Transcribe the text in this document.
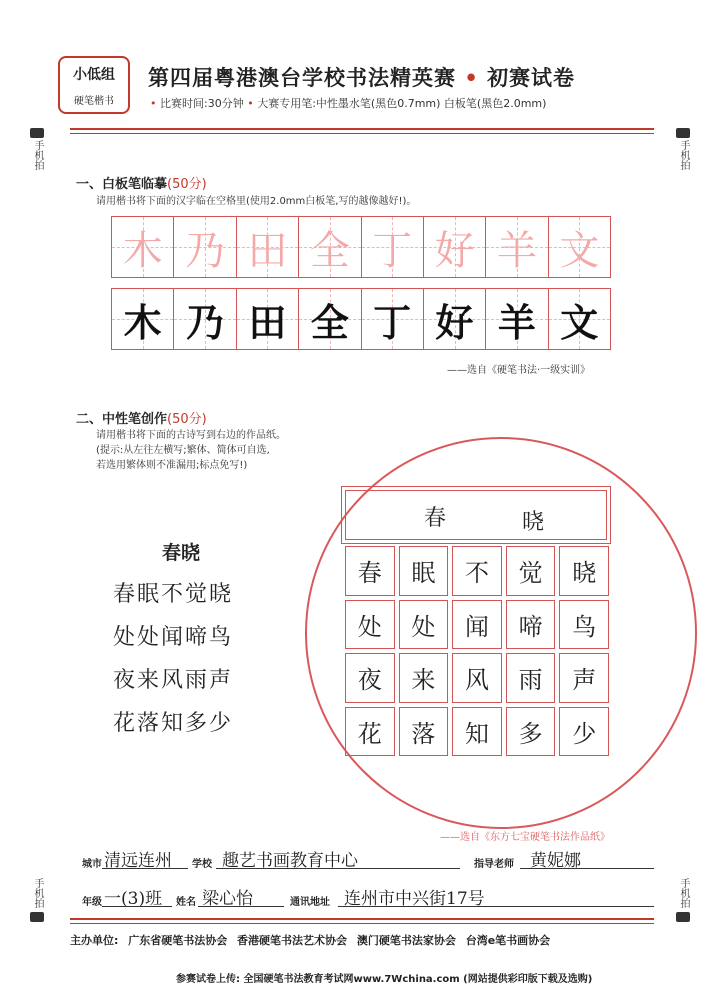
小低组
硬笔楷书
第四届粤港澳台学校书法精英赛 • 初赛试卷
• 比赛时间:30分钟 • 大赛专用笔:中性墨水笔(黑色0.7mm) 白板笔(黑色2.0mm)
手机拍	手机拍
手机拍	手机拍
一、白板笔临摹(50分)
请用楷书将下面的汉字临在空格里(使用2.0mm白板笔,写的越像越好!)。
木 乃 田 全 丁 好 羊 文
木 乃 田 全 丁 好 羊 文
——选自《硬笔书法·一级实训》
二、中性笔创作(50分)
请用楷书将下面的古诗写到右边的作品纸。
(提示:从左往左横写;繁体、简体可自选,
若选用繁体则不准漏用;标点免写!)
春晓
春眠不觉晓
处处闻啼鸟
夜来风雨声
花落知多少
春	晓
春	眠	不	觉	晓
处	处	闻	啼	鸟
夜	来	风	雨	声
花	落	知	多	少
——选自《东方七宝硬笔书法作品纸》
城市 清远连州 学校 趣艺书画教育中心	指导老师 黄妮娜
年级 一(3)班 姓名 梁心怡	通讯地址 连州市中兴街17号
主办单位: 广东省硬笔书法协会 香港硬笔书法艺术协会 澳门硬笔书法家协会 台湾e笔书画协会
参赛试卷上传: 全国硬笔书法教育考试网www.7Wchina.com (网站提供彩印版下载及选购)
